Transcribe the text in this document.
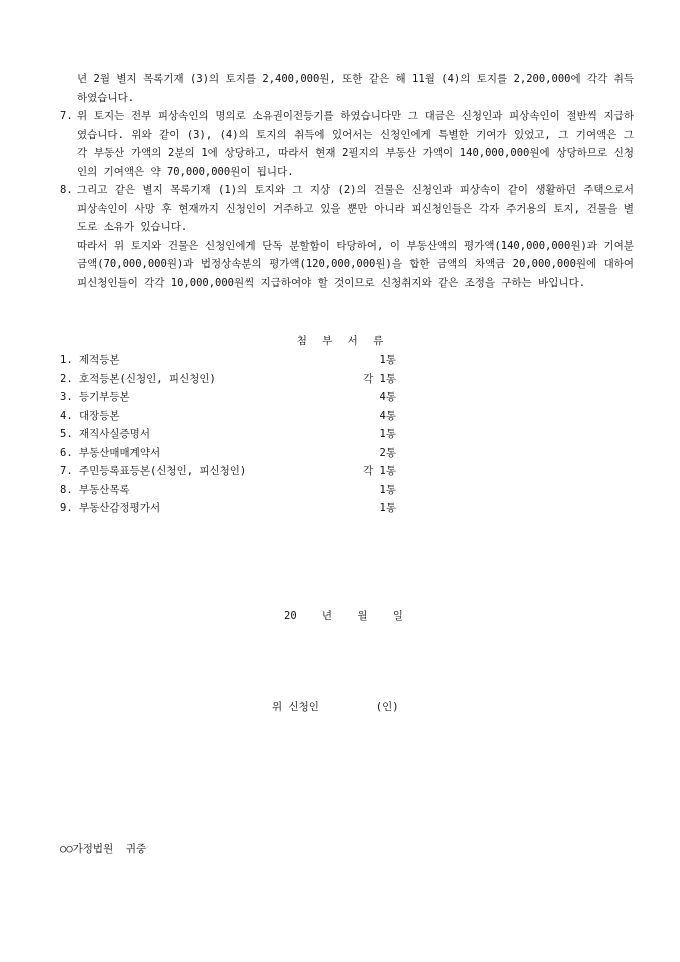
년 2월 별지 목록기재 (3)의 토지를 2,400,000원, 또한 같은 해 11월 (4)의 토지를 2,200,000에 각각 취득하였습니다.

7. 위 토지는 전부 피상속인의 명의로 소유권이전등기를 하였습니다만 그 대금은 신청인과 피상속인이 절반씩 지급하였습니다. 위와 같이 (3), (4)의 토지의 취득에 있어서는 신청인에게 특별한 기여가 있었고, 그 기여액은 그 각 부동산 가액의 2분의 1에 상당하고, 따라서 현재 2필지의 부동산 가액이 140,000,000원에 상당하므로 신청인의 기여액은 약 70,000,000원이 됩니다.
8. 그리고 같은 별지 목록기재 (1)의 토지와 그 지상 (2)의 건물은 신청인과 피상속이 같이 생활하던 주택으로서 피상속인이 사망 후 현재까지 신청인이 거주하고 있을 뿐만 아니라 피신청인들은 각자 주거용의 토지, 건물을 별도로 소유가 있습니다.
따라서 위 토지와 건물은 신청인에게 단독 분할함이 타당하여, 이 부동산액의 평가액(140,000,000원)과 기여분 금액(70,000,000원)과 법정상속분의 평가액(120,000,000원)을 합한 금액의 차액금 20,000,000원에 대하여 피신청인들이 각각 10,000,000원씩 지급하여야 할 것이므로 신청취지와 같은 조정을 구하는 바입니다.
첨 부 서 류
1. 제적등본	1통
2. 호적등본(신청인, 피신청인)	각 1통
3. 등기부등본	4통
4. 대장등본	4통
5. 재직사실증명서	1통
6. 부동산매매계약서	2통
7. 주민등록표등본(신청인, 피신청인)	각 1통
8. 부동산목록	1통
9. 부동산감정평가서	1통
20    년    월    일
위 신청인         (인)
○○가정법원  귀중
